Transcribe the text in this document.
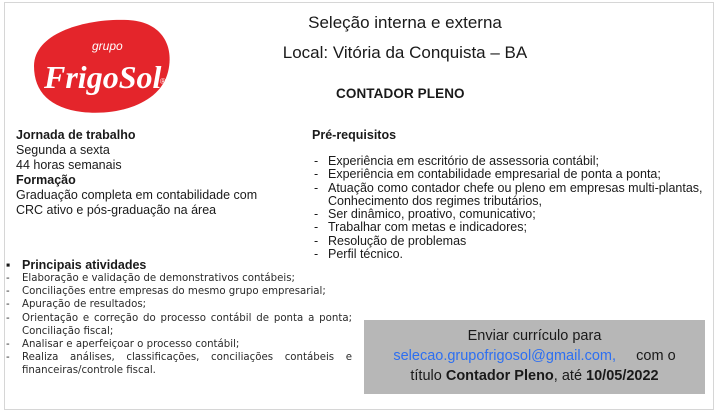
grupo
FrigoSol
®
Seleção interna e externa
Local: Vitória da Conquista – BA
CONTADOR PLENO
Jornada de trabalho
Segunda a sexta
44 horas semanais
Formação
Graduação completa em contabilidade com
CRC ativo e pós-graduação na área
Pré-requisitos
- Experiência em escritório de assessoria contábil;
- Experiência em contabilidade empresarial de ponta a ponta;
- Atuação como contador chefe ou pleno em empresas multi-plantas, Conhecimento dos regimes tributários,
- Ser dinâmico, proativo, comunicativo;
- Trabalhar com metas e indicadores;
- Resolução de problemas
- Perfil técnico.
▪ Principais atividades
- Elaboração e validação de demonstrativos contábeis;
- Conciliações entre empresas do mesmo grupo empresarial;
- Apuração de resultados;
- Orientação e correção do processo contábil de ponta a ponta; Conciliação fiscal;
- Analisar e aperfeiçoar o processo contábil;
- Realiza análises, classificações, conciliações contábeis e financeiras/controle fiscal.
Enviar currículo para
selecao.grupofrigosol@gmail.com, com o
título Contador Pleno, até 10/05/2022
